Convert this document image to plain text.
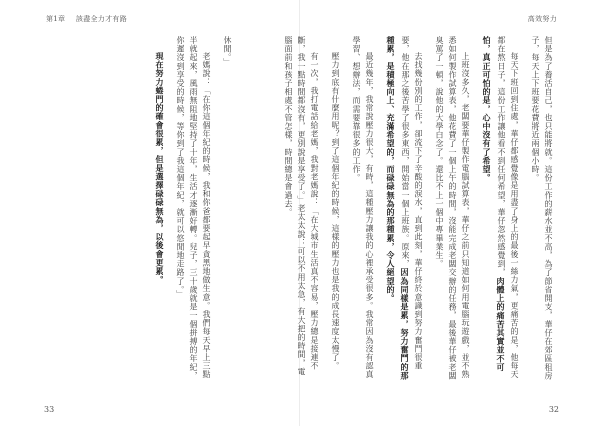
第1章 該盡全力才有路

休閒。」

老媽說：「在你這個年紀的時候，我和你爸都要起早貪黑地做生意。我們每天早上三點半就起來，風雨無阻地堅持了十年，生活才逐漸好轉。兒子，三十歲就是一個拼搏的年紀，你遲沒到享受的時候，等你到了我這個年紀，就可以悠閒地走路了。」

現在努力蜷門的確會很累，但是選擇碌碌無為，以後會更累。

33
高效努力

但是為了養活自己，也只能將就。這份工作的薪水並不高，為了節省開支，華仔在郊區租房子，每天上下班要花費將近兩個小時。

每天下班回到住處，華仔都感覺像是用盡了身上的最後一絲力氣，更痛苦的是，他每天都在熬日子，這份工作讓他看不到任何希望，華仔忽然感覺到，肉體上的痛苦其實並不可怕，真正可怕的是，心中沒有了希望。

上班沒多久，老闆要華仔製作電腦試算表，華仔之前只知道如何用電腦玩遊戲，並不熟悉如何製作試算表，他花費了一個上午的時間，沒能完成老闆交辦的任務，最後華仔被老闆臭罵了一頓，說他的大學白念了。還比不上一個中專畢業生。

去找幾份別的工作，卻流下了辛酸的淚水，直到此刻，華仔終於意識到努力奮鬥很重要，他在那之後苦學了很多東西，開始當一個上班族。原來，因為同樣是累，努力奮鬥的那種累，是積極向上、充滿希望的，而碌碌無為的那種累，令人絕望的。

最近幾年，我常說壓力很大，有時，這種壓力讓我的心裡承受很多。我常因為沒有認真學習、想辦法，而需要靠很多的工作。

壓力到底有什麼用呢？到了這個年紀的時候，這樣的壓力也是我的成長速度太慢了。

有一次，我打電話給老媽，我對老媽說：「在大城市生活真不容易，壓力總是接連不斷，我一點時間都沒有，更別說是享受了。」老太太說：可以不用太急，有大把的時間，電腦面前和孩子相處不管怎樣，時間總是會過去。

32
